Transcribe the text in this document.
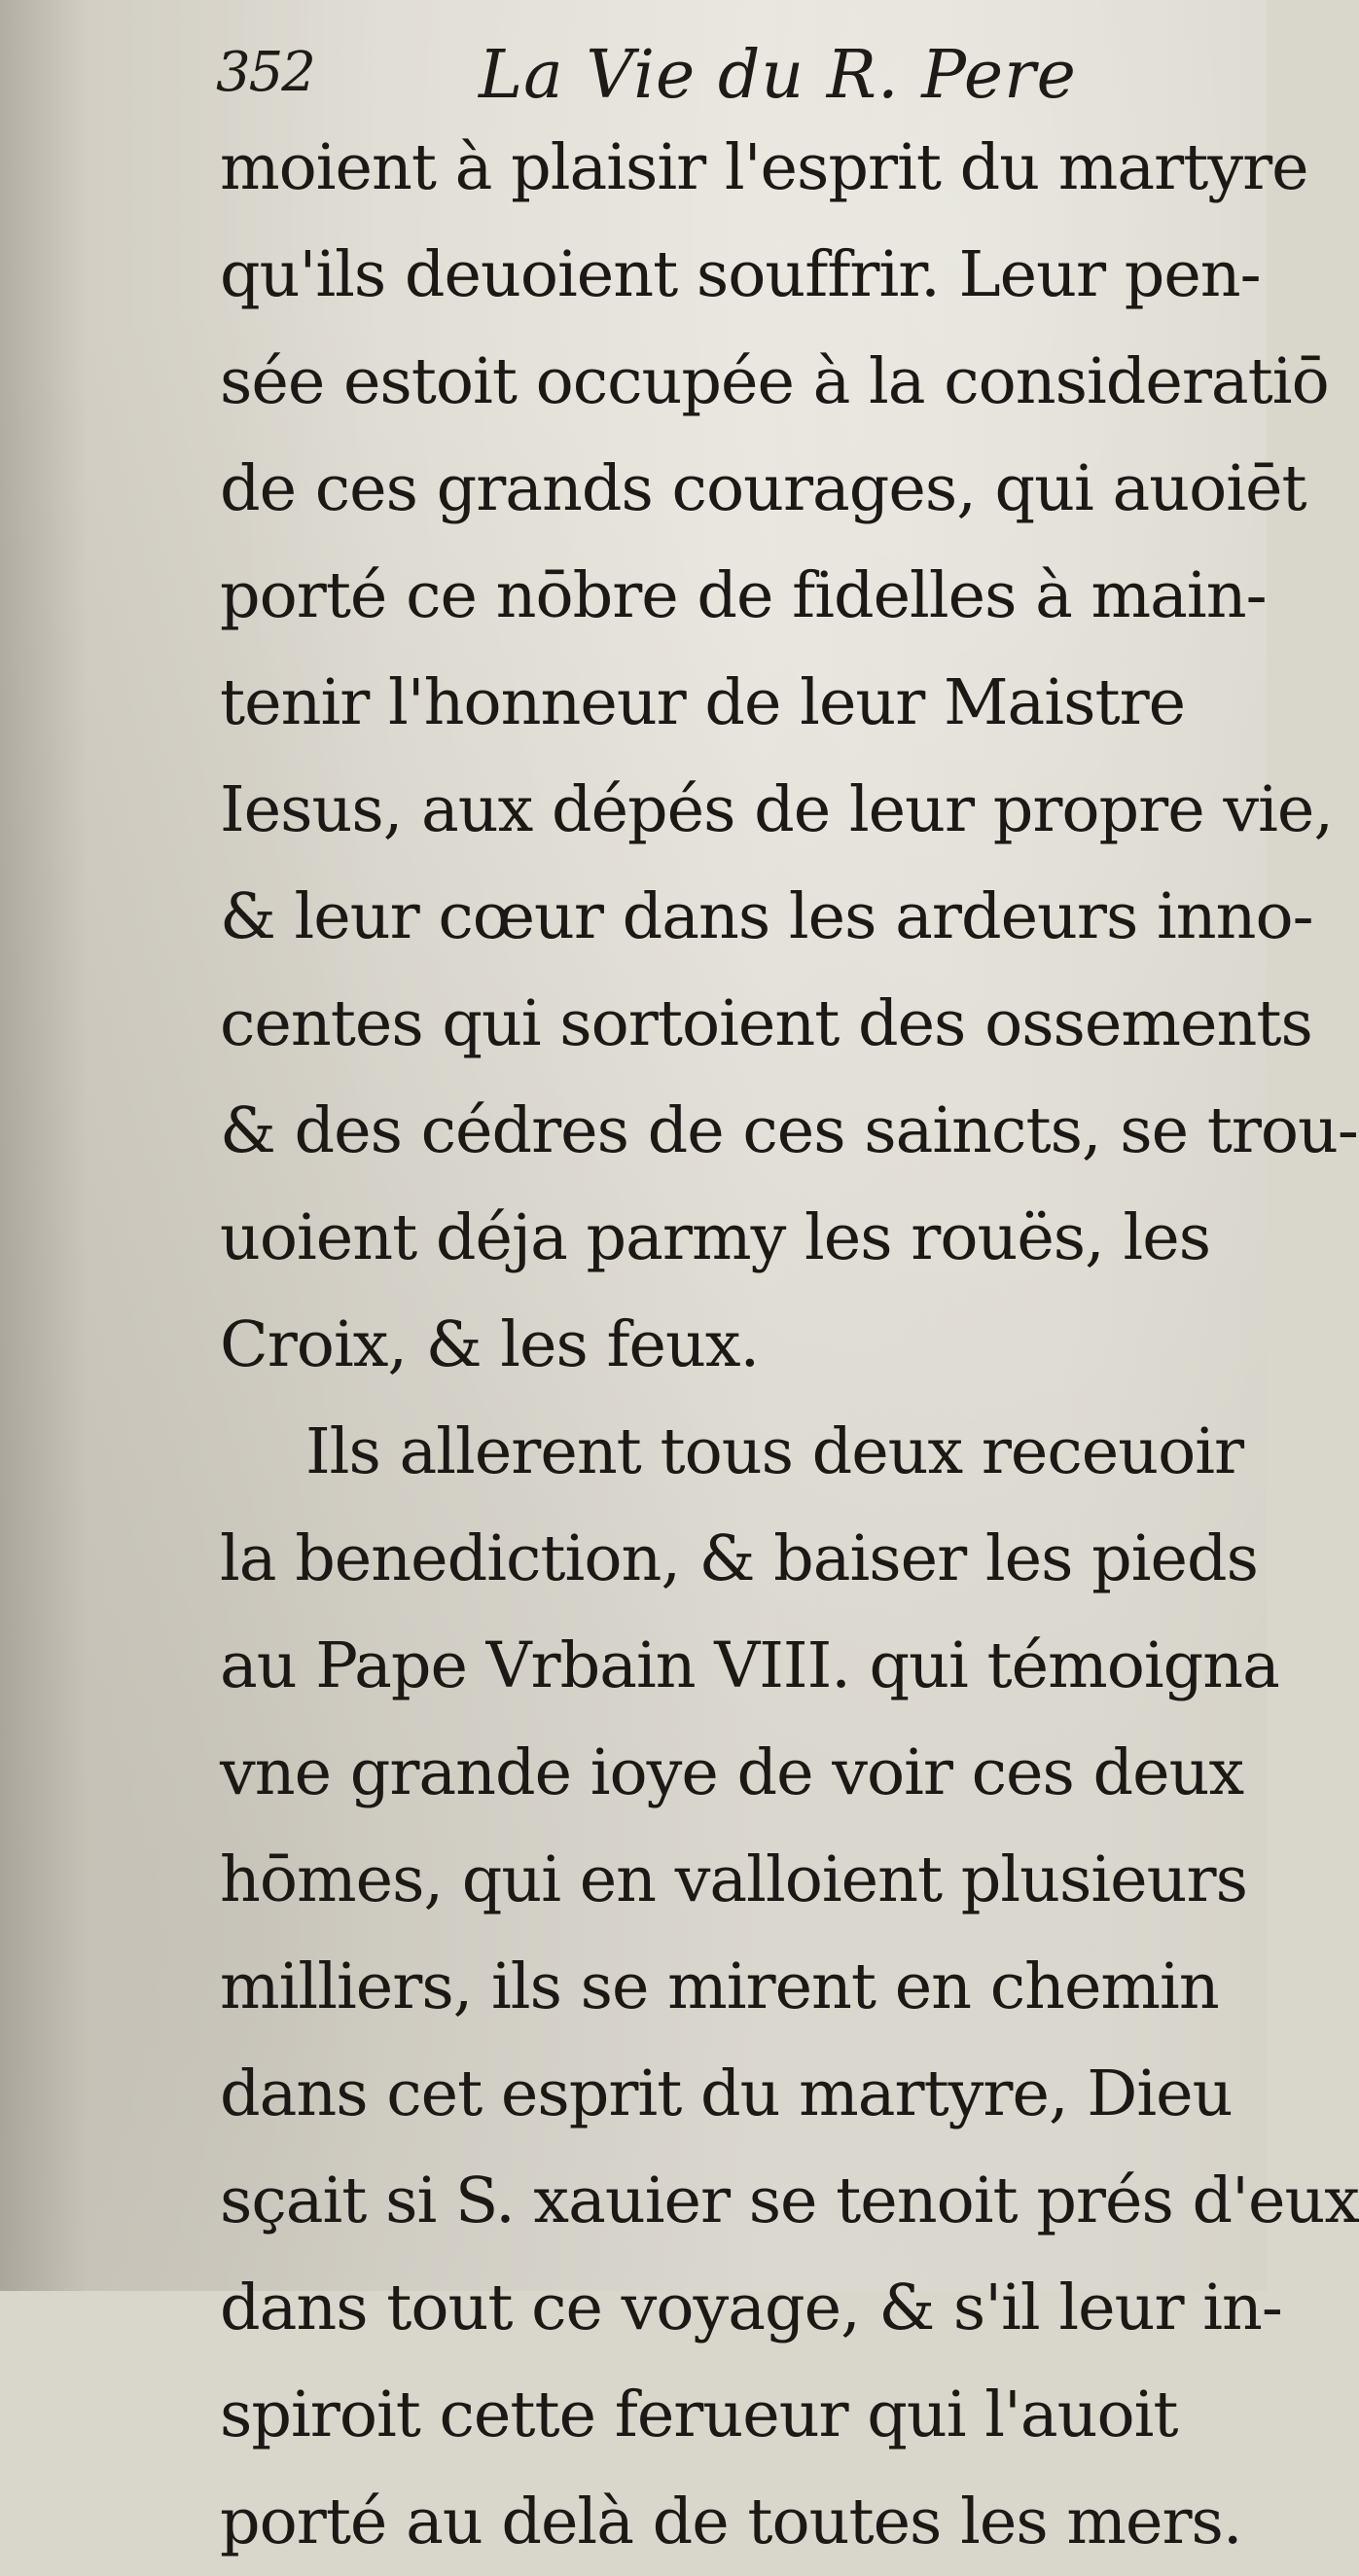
352 La Vie du R. Pere
moient à plaisir l'esprit du martyre
qu'ils deuoient souffrir. Leur pen-
sée estoit occupée à la consideratiō
de ces grands courages, qui auoiēt
porté ce nōbre de fidelles à main-
tenir l'honneur de leur Maistre
Iesus, aux dépés de leur propre vie,
& leur cœur dans les ardeurs inno-
centes qui sortoient des ossements
& des cédres de ces saincts, se trou-
uoient déja parmy les rouës, les
Croix, & les feux.
Ils allerent tous deux receuoir
la benediction, & baiser les pieds
au Pape Vrbain VIII. qui témoigna
vne grande ioye de voir ces deux
hōmes, qui en valloient plusieurs
milliers, ils se mirent en chemin
dans cet esprit du martyre, Dieu
sçait si S. xauier se tenoit prés d'eux
dans tout ce voyage, & s'il leur in-
spiroit cette ferueur qui l'auoit
porté au delà de toutes les mers.
